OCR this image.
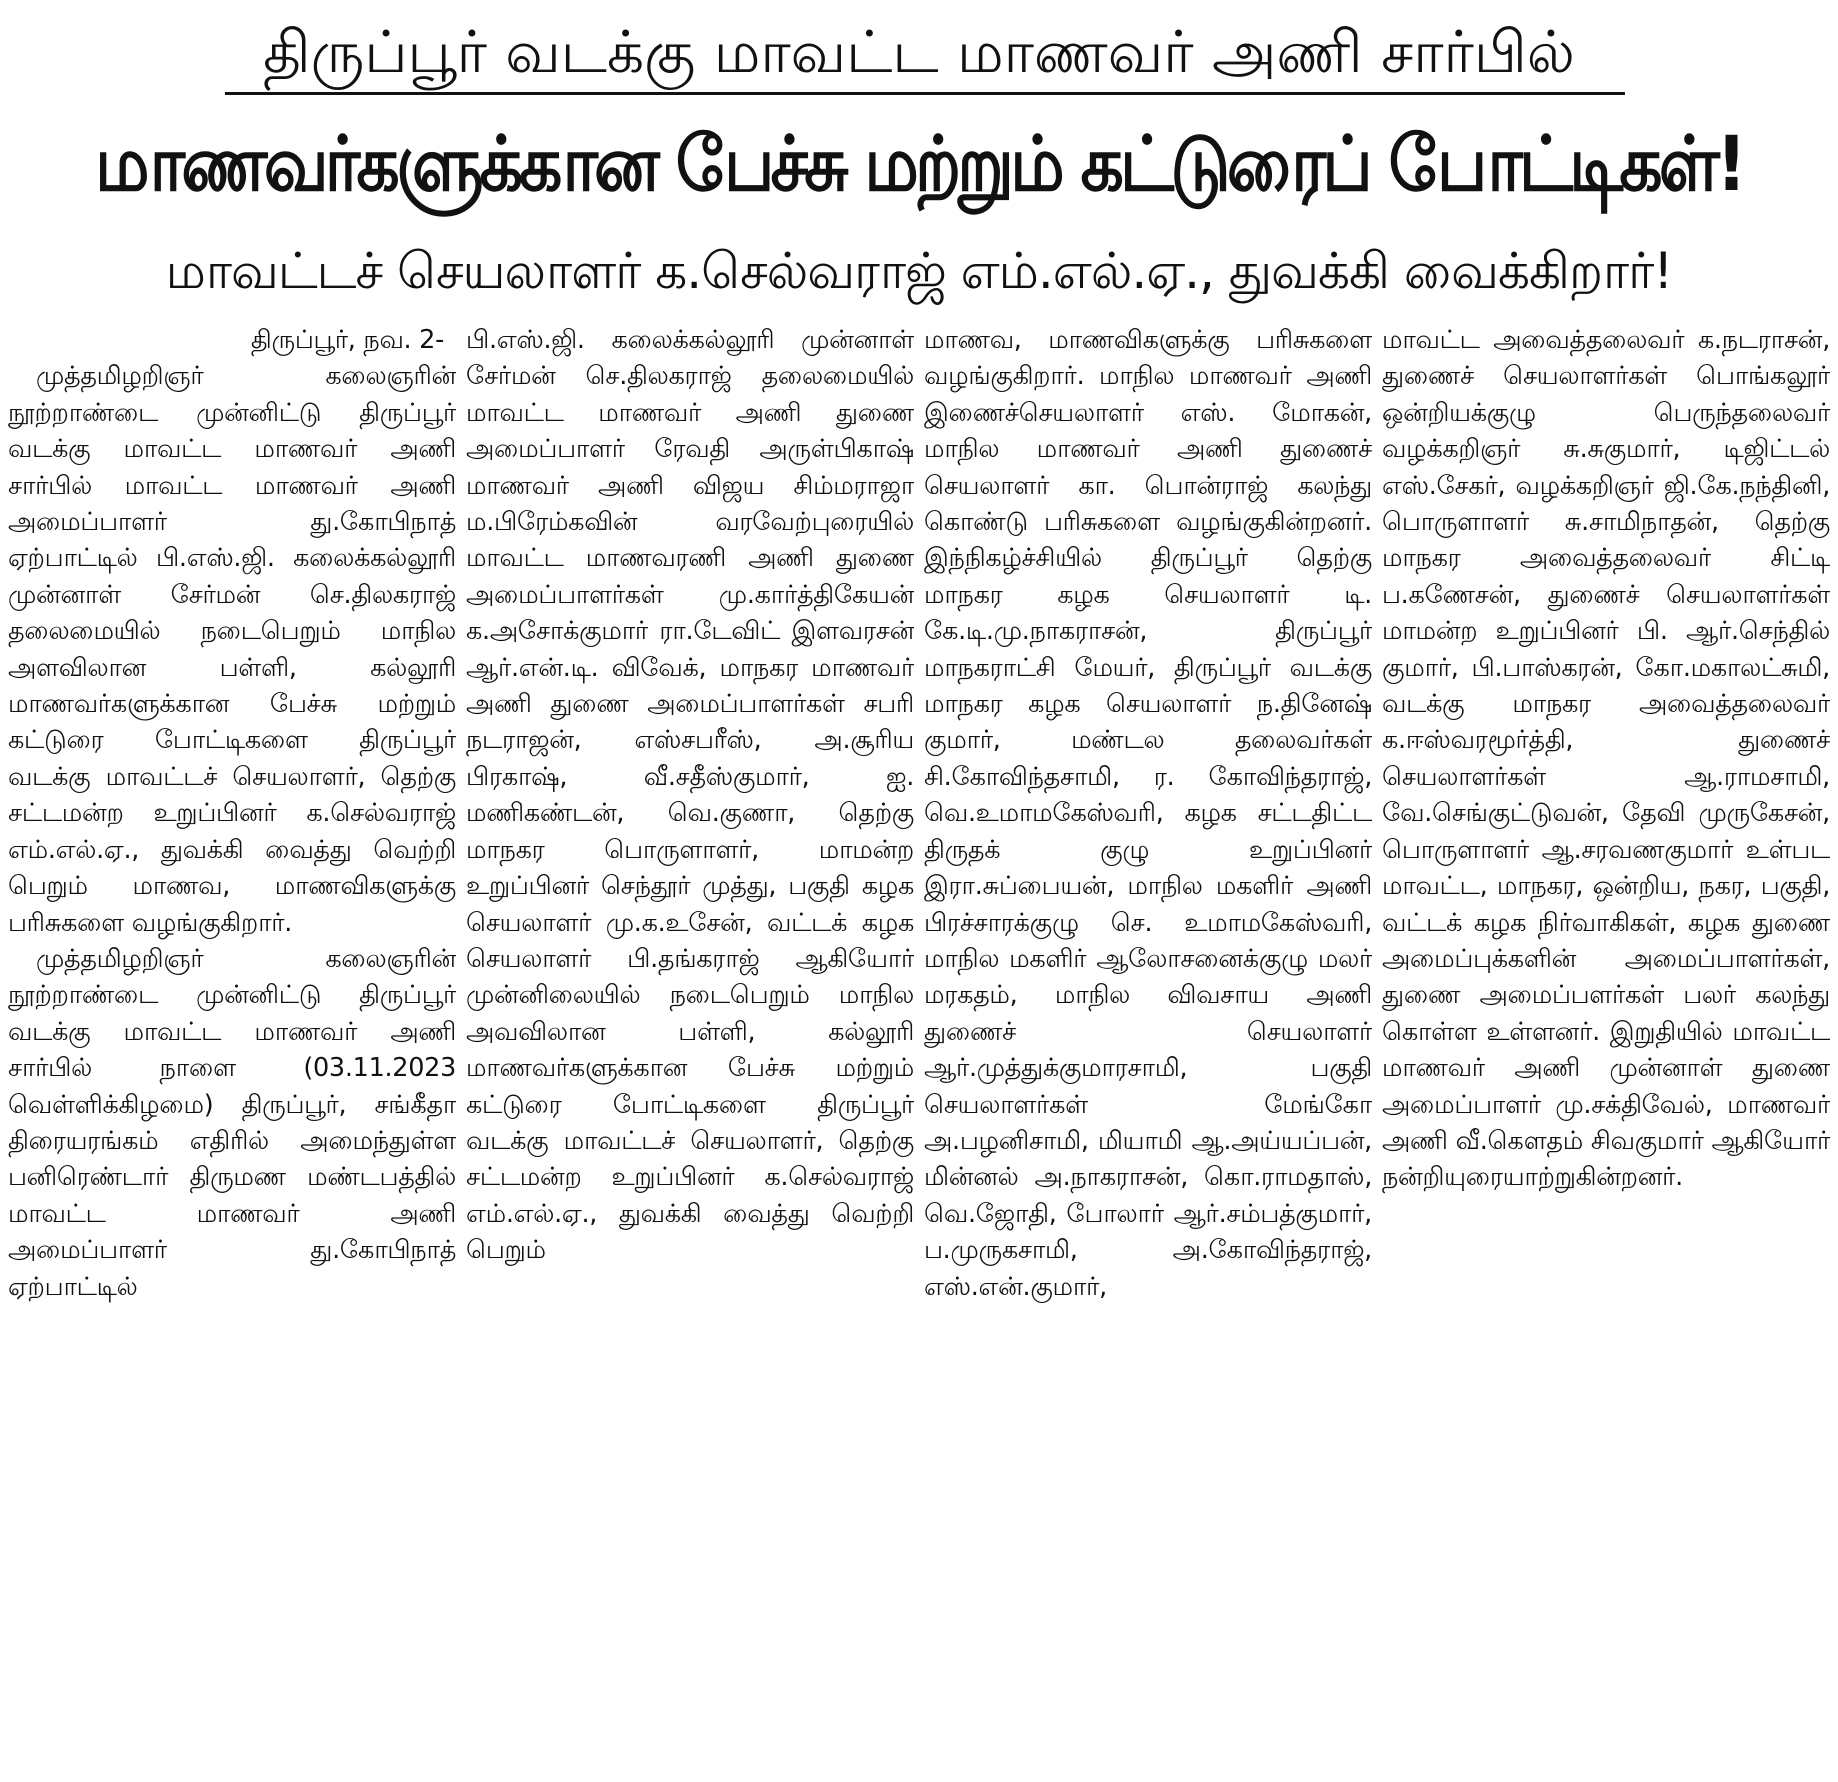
திருப்பூர் வடக்கு மாவட்ட மாணவர் அணி சார்பில்
மாணவர்களுக்கான பேச்சு மற்றும் கட்டுரைப் போட்டிகள்!
மாவட்டச் செயலாளர் க.செல்வராஜ் எம்.எல்.ஏ., துவக்கி வைக்கிறார்!

திருப்பூர், நவ. 2-

முத்தமிழறிஞர் கலைஞரின் நூற்றாண்டை முன்னிட்டு திருப்பூர் வடக்கு மாவட்ட மாணவர் அணி சார்பில் மாவட்ட மாணவர் அணி அமைப்பாளர் து.கோபிநாத் ஏற்பாட்டில் பி.எஸ்.ஜி. கலைக்கல்லூரி முன்னாள் சேர்மன் செ.திலகராஜ் தலைமையில் நடைபெறும் மாநில அளவிலான பள்ளி, கல்லூரி மாணவர்களுக்கான பேச்சு மற்றும் கட்டுரை போட்டிகளை திருப்பூர் வடக்கு மாவட்டச் செயலாளர், தெற்கு சட்டமன்ற உறுப்பினர் க.செல்வராஜ் எம்.எல்.ஏ., துவக்கி வைத்து வெற்றி பெறும் மாணவ, மாணவிகளுக்கு பரிசுகளை வழங்குகிறார்.

முத்தமிழறிஞர் கலைஞரின் நூற்றாண்டை முன்னிட்டு திருப்பூர் வடக்கு மாவட்ட மாணவர் அணி சார்பில் நாளை (03.11.2023 வெள்ளிக்கிழமை) திருப்பூர், சங்கீதா திரையரங்கம் எதிரில் அமைந்துள்ள பனிரெண்டார் திருமண மண்டபத்தில் மாவட்ட மாணவர் அணி அமைப்பாளர் து.கோபிநாத் ஏற்பாட்டில்

பி.எஸ்.ஜி. கலைக்கல்லூரி முன்னாள் சேர்மன் செ.திலகராஜ் தலைமையில் மாவட்ட மாணவர் அணி துணை அமைப்பாளர் ரேவதி அருள்பிகாஷ் மாணவர் அணி விஜய சிம்மராஜா ம.பிரேம்கவின் வரவேற்புரையில் மாவட்ட மாணவரணி அணி துணை அமைப்பாளர்கள் மு.கார்த்திகேயன் க.அசோக்குமார் ரா.டேவிட் இளவரசன் ஆர்.என்.டி. விவேக், மாநகர மாணவர் அணி துணை அமைப்பாளர்கள் சபரி நடராஜன், எஸ்சபரீஸ், அ.சூரிய பிரகாஷ், வீ.சதீஸ்குமார், ஐ. மணிகண்டன், வெ.குணா, தெற்கு மாநகர பொருளாளர், மாமன்ற உறுப்பினர் செந்தூர் முத்து, பகுதி கழக செயலாளர் மு.க.உசேன், வட்டக் கழக செயலாளர் பி.தங்கராஜ் ஆகியோர் முன்னிலையில் நடைபெறும் மாநில அவவிலான பள்ளி, கல்லூரி மாணவர்களுக்கான பேச்சு மற்றும் கட்டுரை போட்டிகளை திருப்பூர் வடக்கு மாவட்டச் செயலாளர், தெற்கு சட்டமன்ற உறுப்பினர் க.செல்வராஜ் எம்.எல்.ஏ., துவக்கி வைத்து வெற்றி பெறும்

மாணவ, மாணவிகளுக்கு பரிசுகளை வழங்குகிறார். மாநில மாணவர் அணி இணைச்செயலாளர் எஸ். மோகன், மாநில மாணவர் அணி துணைச் செயலாளர் கா. பொன்ராஜ் கலந்து கொண்டு பரிசுகளை வழங்குகின்றனர். இந்நிகழ்ச்சியில் திருப்பூர் தெற்கு மாநகர கழக செயலாளர் டி. கே.டி.மு.நாகராசன், திருப்பூர் மாநகராட்சி மேயர், திருப்பூர் வடக்கு மாநகர கழக செயலாளர் ந.தினேஷ் குமார், மண்டல தலைவர்கள் சி.கோவிந்தசாமி, ர. கோவிந்தராஜ், வெ.உமாமகேஸ்வரி, கழக சட்டதிட்ட திருதக் குழு உறுப்பினர் இரா.சுப்பையன், மாநில மகளிர் அணி பிரச்சாரக்குழு செ. உமாமகேஸ்வரி, மாநில மகளிர் ஆலோசனைக்குழு மலர் மரகதம், மாநில விவசாய அணி துணைச் செயலாளர் ஆர்.முத்துக்குமாரசாமி, பகுதி செயலாளர்கள் மேங்கோ அ.பழனிசாமி, மியாமி ஆ.அய்யப்பன், மின்னல் அ.நாகராசன், கொ.ராமதாஸ், வெ.ஜோதி, போலார் ஆர்.சம்பத்குமார், ப.முருகசாமி, அ.கோவிந்தராஜ், எஸ்.என்.குமார்,

மாவட்ட அவைத்தலைவர் க.நடராசன், துணைச் செயலாளர்கள் பொங்கலூர் ஒன்றியக்குழு பெருந்தலைவர் வழக்கறிஞர் சு.சுகுமார், டிஜிட்டல் எஸ்.சேகர், வழக்கறிஞர் ஜி.கே.நந்தினி, பொருளாளர் சு.சாமிநாதன், தெற்கு மாநகர அவைத்தலைவர் சிட்டி ப.கணேசன், துணைச் செயலாளர்கள் மாமன்ற உறுப்பினர் பி. ஆர்.செந்தில் குமார், பி.பாஸ்கரன், கோ.மகாலட்சுமி, வடக்கு மாநகர அவைத்தலைவர் க.ஈஸ்வரமூர்த்தி, துணைச் செயலாளர்கள் ஆ.ராமசாமி, வே.செங்குட்டுவன், தேவி முருகேசன், பொருளாளர் ஆ.சரவணகுமார் உள்பட மாவட்ட, மாநகர, ஒன்றிய, நகர, பகுதி, வட்டக் கழக நிர்வாகிகள், கழக துணை அமைப்புக்களின் அமைப்பாளர்கள், துணை அமைப்பளர்கள் பலர் கலந்து கொள்ள உள்ளனர். இறுதியில் மாவட்ட மாணவர் அணி முன்னாள் துணை அமைப்பாளர் மு.சக்திவேல், மாணவர் அணி வீ.கௌதம் சிவகுமார் ஆகியோர் நன்றியுரையாற்றுகின்றனர்.
